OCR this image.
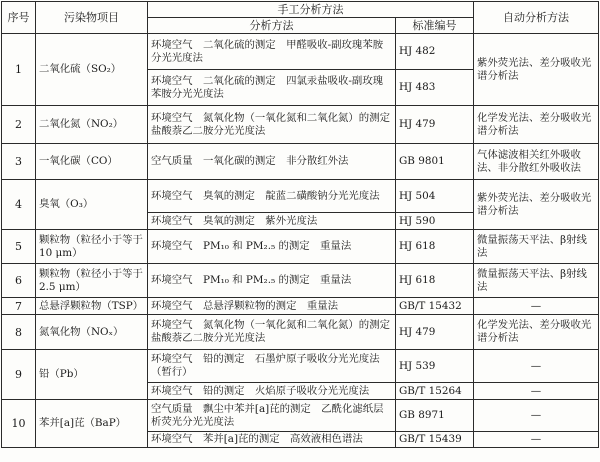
序号	污染物项目	手工分析方法		自动分析方法
		分析方法	标准编号	
1	二氧化硫（SO₂）	环境空气　二氧化硫的测定　甲醛吸收-副玫瑰苯胺分光光度法	HJ 482	紫外荧光法、差分吸收光谱分析法
		环境空气　二氧化硫的测定　四氯汞盐吸收-副玫瑰苯胺分光光度法	HJ 483	
2	二氧化氮（NO₂）	环境空气　氮氧化物（一氧化氮和二氧化氮）的测定　盐酸萘乙二胺分光光度法	HJ 479	化学发光法、差分吸收光谱分析法
3	一氧化碳（CO）	空气质量　一氧化碳的测定　非分散红外法	GB 9801	气体滤波相关红外吸收法、非分散红外吸收法
4	臭氧（O₃）	环境空气　臭氧的测定　靛蓝二磺酸钠分光光度法	HJ 504	紫外荧光法、差分吸收光谱分析法
		环境空气　臭氧的测定　紫外光度法	HJ 590	
5	颗粒物（粒径小于等于 10 μm）	环境空气　PM₁₀ 和 PM₂.₅ 的测定　重量法	HJ 618	微量振荡天平法、β射线法
6	颗粒物（粒径小于等于 2.5 μm）	环境空气　PM₁₀ 和 PM₂.₅ 的测定　重量法	HJ 618	微量振荡天平法、β射线法
7	总悬浮颗粒物（TSP）	环境空气　总悬浮颗粒物的测定　重量法	GB/T 15432	—
8	氮氧化物（NOₓ）	环境空气　氮氧化物（一氧化氮和二氧化氮）的测定　盐酸萘乙二胺分光光度法	HJ 479	化学发光法、差分吸收光谱分析法
9	铅（Pb）	环境空气　铅的测定　石墨炉原子吸收分光光度法（暂行）	HJ 539	—
		环境空气　铅的测定　火焰原子吸收分光光度法	GB/T 15264	—
10	苯并[a]芘（BaP）	空气质量　飘尘中苯并[a]芘的测定　乙酰化滤纸层析荧光分光光度法	GB 8971	—
		环境空气　苯并[a]芘的测定　高效液相色谱法	GB/T 15439	—
